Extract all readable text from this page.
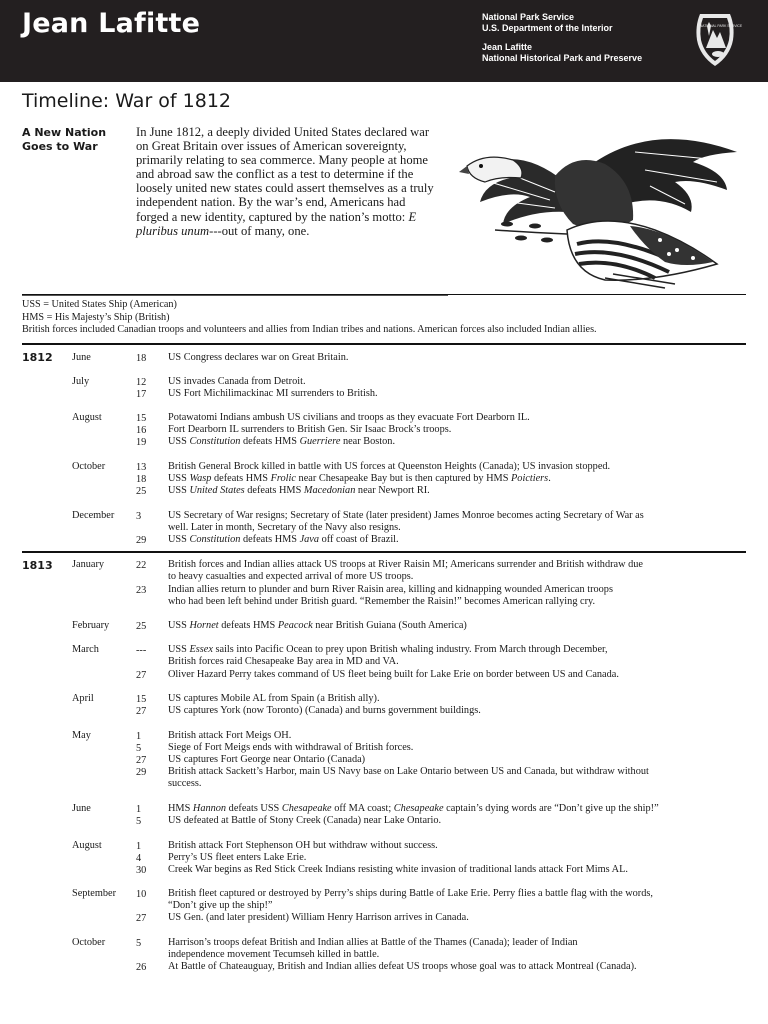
Jean Lafitte	National Park Service
U.S. Department of the Interior
Jean Lafitte
National Historical Park and Preserve
NATIONAL PARK SERVICE
Timeline: War of 1812
A New Nation Goes to War
In June 1812, a deeply divided United States declared war on Great Britain over issues of American sovereignty, primarily relating to sea commerce. Many people at home and abroad saw the conflict as a test to determine if the loosely united new states could assert themselves as a truly independent nation. By the war’s end, Americans had forged a new identity, captured by the nation’s motto: E pluribus unum---out of many, one.
USS = United States Ship (American)
HMS = His Majesty’s Ship (British)
British forces included Canadian troops and volunteers and allies from Indian tribes and nations. American forces also included Indian allies.
1812 June	18 US Congress declares war on Great Britain.
July	12 US invades Canada from Detroit.
17 US Fort Michilimackinac MI surrenders to British.
August	15 Potawatomi Indians ambush US civilians and troops as they evacuate Fort Dearborn IL.
16 Fort Dearborn IL surrenders to British Gen. Sir Isaac Brock’s troops.
19 USS Constitution defeats HMS Guerriere near Boston.
October	13 British General Brock killed in battle with US forces at Queenston Heights (Canada); US invasion stopped.
18 USS Wasp defeats HMS Frolic near Chesapeake Bay but is then captured by HMS Poictiers.
25 USS United States defeats HMS Macedonian near Newport RI.
December 3	US Secretary of War resigns; Secretary of State (later president) James Monroe becomes acting Secretary of War as
well. Later in month, Secretary of the Navy also resigns.
29 USS Constitution defeats HMS Java off coast of Brazil.
1813 January	22 British forces and Indian allies attack US troops at River Raisin MI; Americans surrender and British withdraw due
to heavy casualties and expected arrival of more US troops.
23 Indian allies return to plunder and burn River Raisin area, killing and kidnapping wounded American troops
who had been left behind under British guard. “Remember the Raisin!” becomes American rallying cry.
February	25 USS Hornet defeats HMS Peacock near British Guiana (South America)
March	--- USS Essex sails into Pacific Ocean to prey upon British whaling industry. From March through December,
British forces raid Chesapeake Bay area in MD and VA.
27 Oliver Hazard Perry takes command of US fleet being built for Lake Erie on border between US and Canada.
April	15 US captures Mobile AL from Spain (a British ally).
27 US captures York (now Toronto) (Canada) and burns government buildings.
May	1	British attack Fort Meigs OH.
5	Siege of Fort Meigs ends with withdrawal of British forces.
27 US captures Fort George near Ontario (Canada)
29 British attack Sackett’s Harbor, main US Navy base on Lake Ontario between US and Canada, but withdraw without
success.
June	1	HMS Hannon defeats USS Chesapeake off MA coast; Chesapeake captain’s dying words are “Don’t give up the ship!”
5	US defeated at Battle of Stony Creek (Canada) near Lake Ontario.
August	1	British attack Fort Stephenson OH but withdraw without success.
4	Perry’s US fleet enters Lake Erie.
30 Creek War begins as Red Stick Creek Indians resisting white invasion of traditional lands attack Fort Mims AL.
September 10 British fleet captured or destroyed by Perry’s ships during Battle of Lake Erie. Perry flies a battle flag with the words,
“Don’t give up the ship!”
27 US Gen. (and later president) William Henry Harrison arrives in Canada.
October	5	Harrison’s troops defeat British and Indian allies at Battle of the Thames (Canada); leader of Indian
independence movement Tecumseh killed in battle.
26 At Battle of Chateauguay, British and Indian allies defeat US troops whose goal was to attack Montreal (Canada).
